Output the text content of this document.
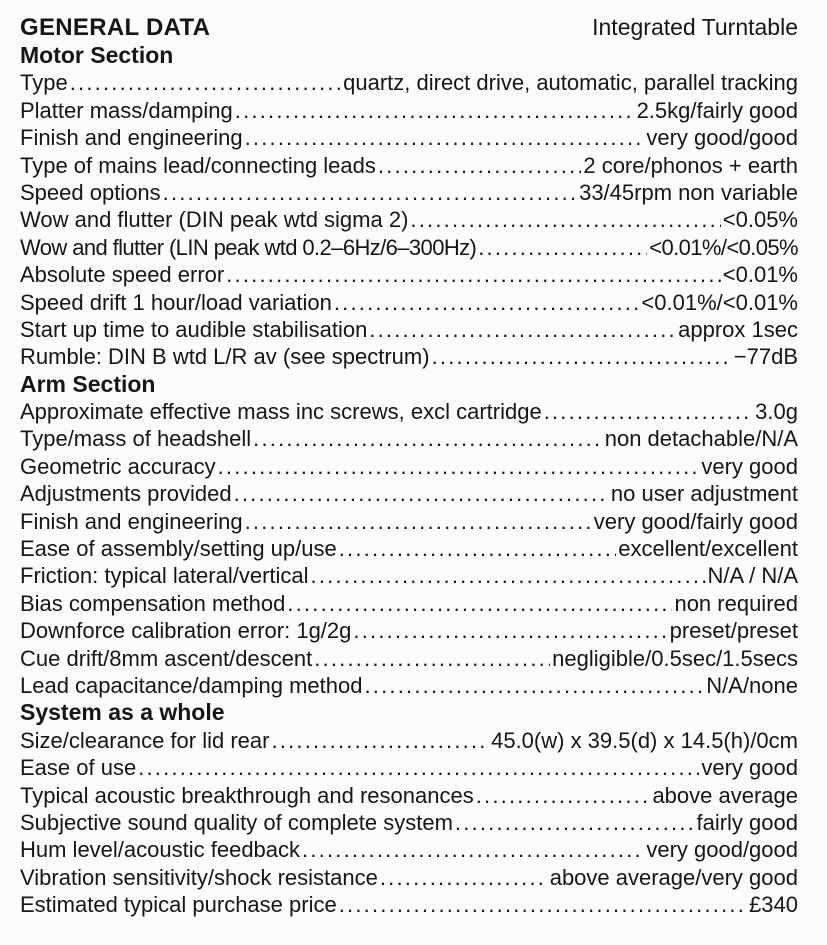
GENERAL DATA	Integrated Turntable
Motor Section
Type .....	quartz, direct drive, automatic, parallel tracking
Platter mass/damping .....	2.5kg/fairly good
Finish and engineering .....	very good/good
Type of mains lead/connecting leads .....	2 core/phonos + earth
Speed options .....	33/45rpm non variable
Wow and flutter (DIN peak wtd sigma 2) .....	<0.05%
Wow and flutter (LIN peak wtd 0.2–6Hz/6–300Hz) .....	<0.01%/<0.05%
Absolute speed error .....	<0.01%
Speed drift 1 hour/load variation .....	<0.01%/<0.01%
Start up time to audible stabilisation .....	approx 1sec
Rumble: DIN B wtd L/R av (see spectrum) .....	−77dB
Arm Section
Approximate effective mass inc screws, excl cartridge .....	3.0g
Type/mass of headshell .....	non detachable/N/A
Geometric accuracy .....	very good
Adjustments provided .....	no user adjustment
Finish and engineering .....	very good/fairly good
Ease of assembly/setting up/use .....	excellent/excellent
Friction: typical lateral/vertical .....	N/A / N/A
Bias compensation method .....	non required
Downforce calibration error: 1g/2g .....	preset/preset
Cue drift/8mm ascent/descent .....	negligible/0.5sec/1.5secs
Lead capacitance/damping method .....	N/A/none
System as a whole
Size/clearance for lid rear .....	45.0(w) x 39.5(d) x 14.5(h)/0cm
Ease of use .....	very good
Typical acoustic breakthrough and resonances .....	above average
Subjective sound quality of complete system .....	fairly good
Hum level/acoustic feedback .....	very good/good
Vibration sensitivity/shock resistance .....	above average/very good
Estimated typical purchase price .....	£340
